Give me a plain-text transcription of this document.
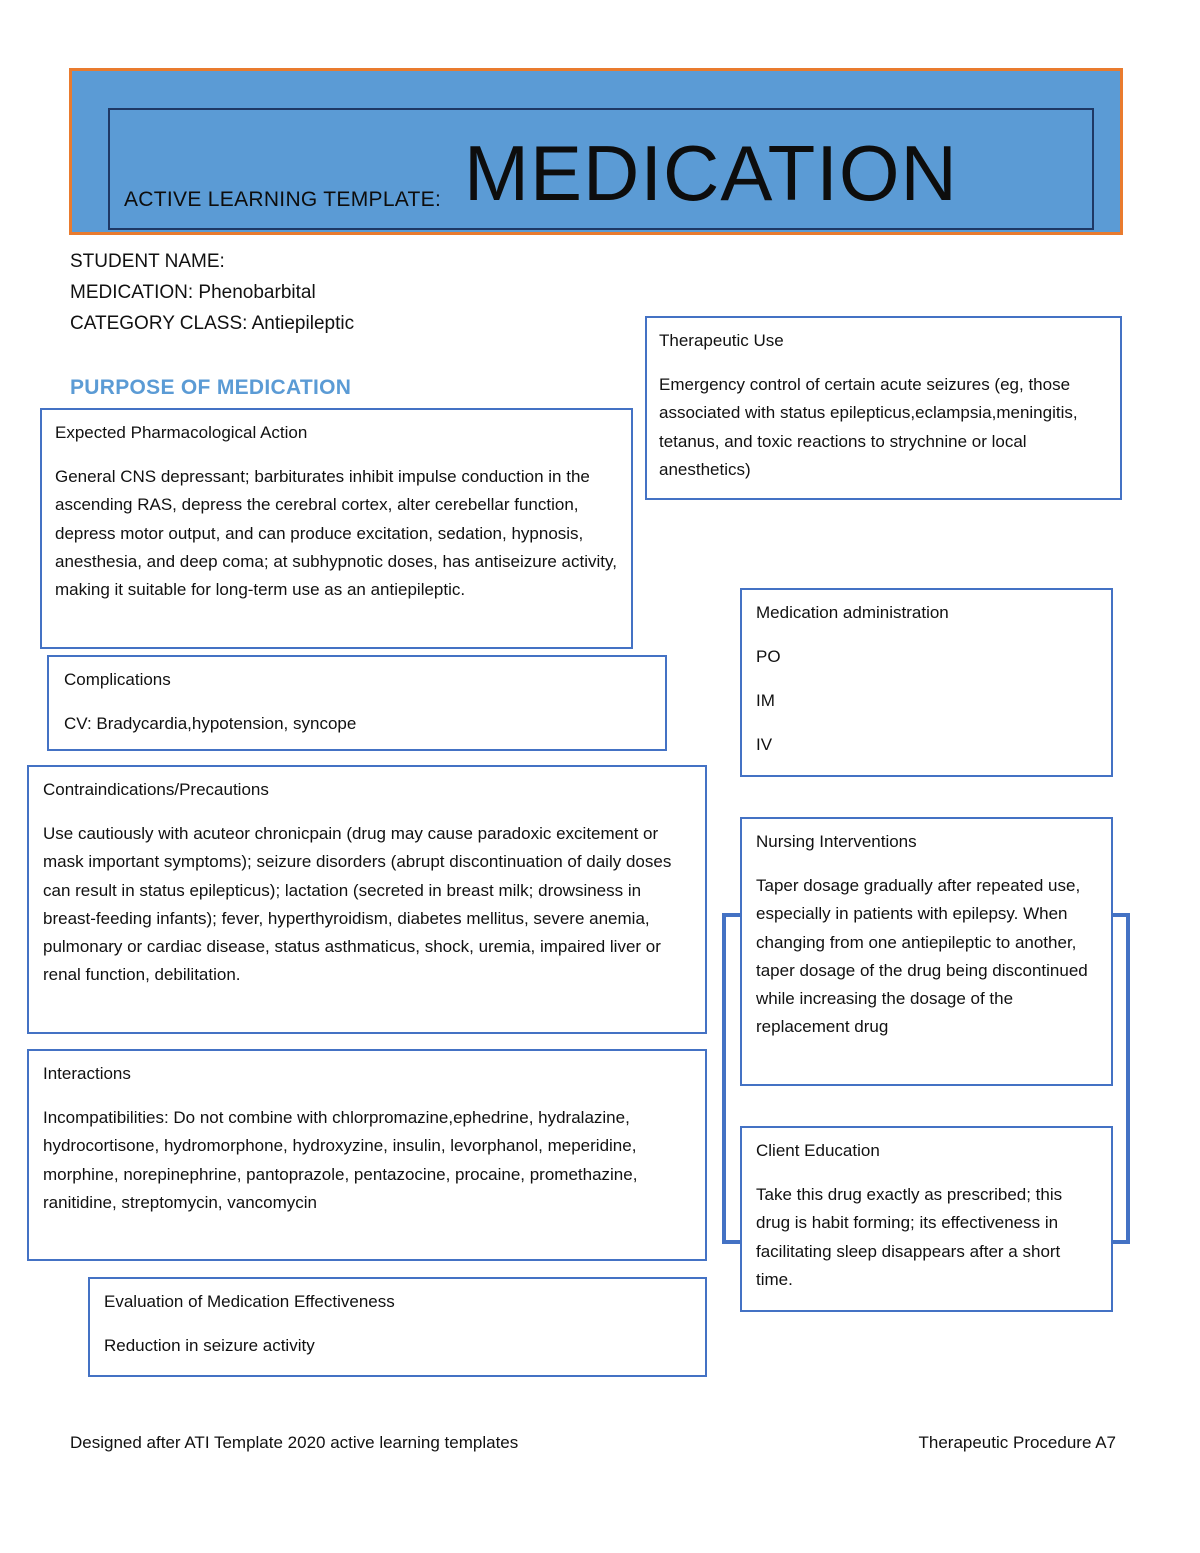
ACTIVE LEARNING TEMPLATE: MEDICATION
STUDENT NAME:
MEDICATION: Phenobarbital
CATEGORY CLASS: Antiepileptic
PURPOSE OF MEDICATION
Therapeutic Use
Emergency control of certain acute seizures (eg, those associated with status epilepticus,eclampsia,meningitis, tetanus, and toxic reactions to strychnine or local anesthetics)
Expected Pharmacological Action
General CNS depressant; barbiturates inhibit impulse conduction in the ascending RAS, depress the cerebral cortex, alter cerebellar function, depress motor output, and can produce excitation, sedation, hypnosis, anesthesia, and deep coma; at subhypnotic doses, has antiseizure activity, making it suitable for long-term use as an antiepileptic.
Medication administration
PO
IM
IV
Complications
CV: Bradycardia,hypotension, syncope
Contraindications/Precautions
Use cautiously with acuteor chronicpain (drug may cause paradoxic excitement or mask important symptoms); seizure disorders (abrupt discontinuation of daily doses can result in status epilepticus); lactation (secreted in breast milk; drowsiness in breast-feeding infants); fever, hyperthyroidism, diabetes mellitus, severe anemia, pulmonary or cardiac disease, status asthmaticus, shock, uremia, impaired liver or renal function, debilitation.
Nursing Interventions
Taper dosage gradually after repeated use, especially in patients with epilepsy. When changing from one antiepileptic to another, taper dosage of the drug being discontinued while increasing the dosage of the replacement drug
Interactions
Incompatibilities: Do not combine with chlorpromazine,ephedrine, hydralazine, hydrocortisone, hydromorphone, hydroxyzine, insulin, levorphanol, meperidine, morphine, norepinephrine, pantoprazole, pentazocine, procaine, promethazine, ranitidine, streptomycin, vancomycin
Client Education
Take this drug exactly as prescribed; this drug is habit forming; its effectiveness in facilitating sleep disappears after a short time.
Evaluation of Medication Effectiveness
Reduction in seizure activity
Designed after ATI Template 2020 active learning templates	Therapeutic Procedure A7
